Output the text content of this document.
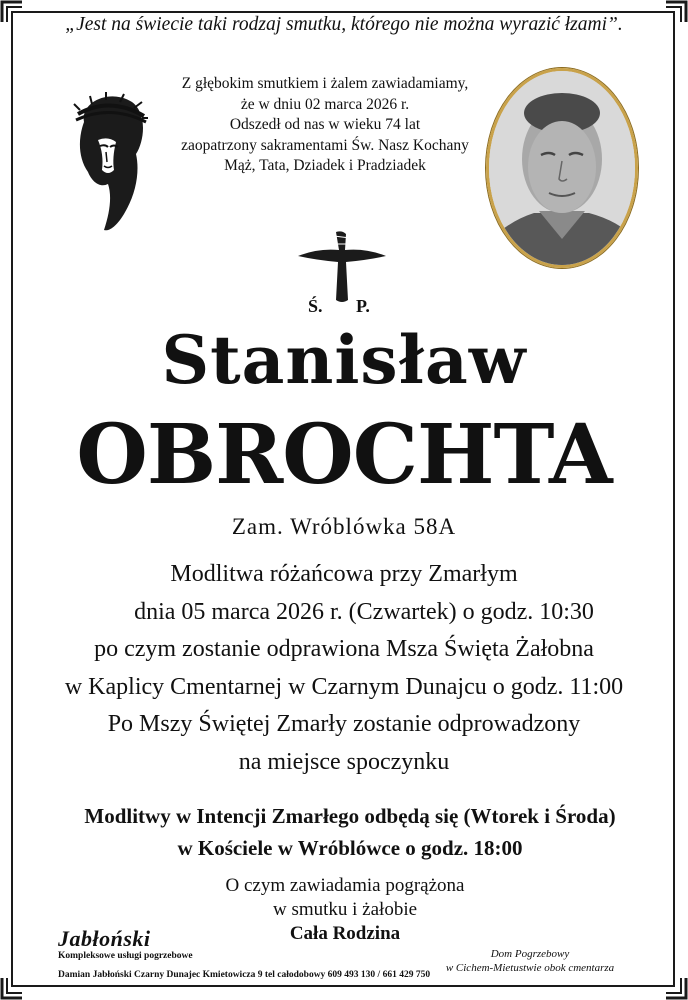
„Jest na świecie taki rodzaj smutku, którego nie można wyrazić łzami”.
Z głębokim smutkiem i żalem zawiadamiamy,
że w dniu 02 marca 2026 r.
Odszedł od nas w wieku 74 lat
zaopatrzony sakramentami Św. Nasz Kochany
Mąż, Tata, Dziadek i Pradziadek
Ś. P.
Stanisław
OBROCHTA
Zam. Wróblówka 58A
Modlitwa różańcowa przy Zmarłym
dnia 05 marca 2026 r. (Czwartek) o godz. 10:30
po czym zostanie odprawiona Msza Święta Żałobna
w Kaplicy Cmentarnej w Czarnym Dunajcu o godz. 11:00
Po Mszy Świętej Zmarły zostanie odprowadzony
na miejsce spoczynku
Modlitwy w Intencji Zmarłego odbędą się (Wtorek i Środa)
w Kościele w Wróblówce o godz. 18:00
O czym zawiadamia pogrążona
w smutku i żałobie
Cała Rodzina
Jabłoński
Kompleksowe usługi pogrzebowe
Damian Jabłoński Czarny Dunajec Kmietowicza 9 tel całodobowy 609 493 130 / 661 429 750
Dom Pogrzebowy
w Cichem-Mietustwie obok cmentarza
